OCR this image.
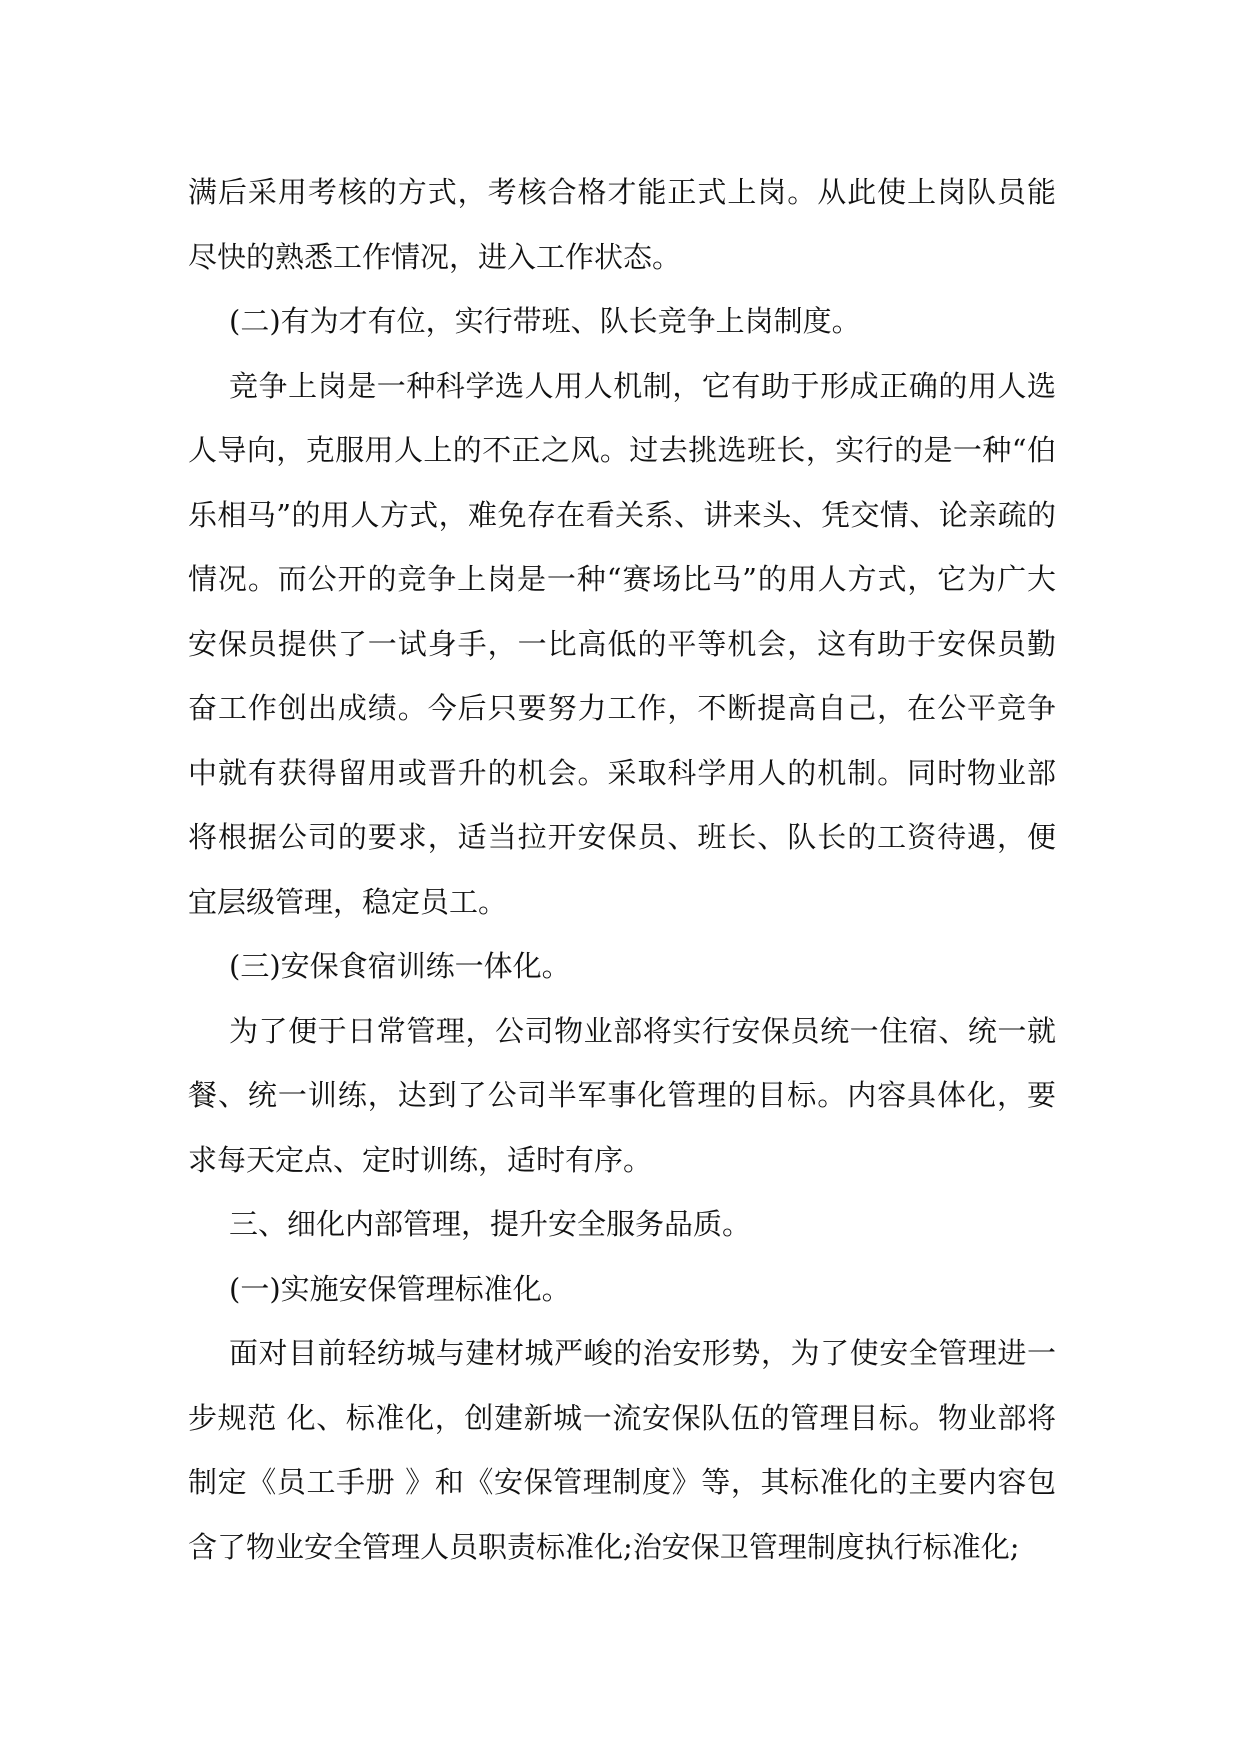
满后采用考核的方式，考核合格才能正式上岗。从此使上岗队员能尽快的熟悉工作情况，进入工作状态。

(二)有为才有位，实行带班、队长竞争上岗制度。

竞争上岗是一种科学选人用人机制，它有助于形成正确的用人选人导向，克服用人上的不正之风。过去挑选班长，实行的是一种“伯乐相马”的用人方式，难免存在看关系、讲来头、凭交情、论亲疏的情况。而公开的竞争上岗是一种“赛场比马”的用人方式，它为广大安保员提供了一试身手，一比高低的平等机会，这有助于安保员勤奋工作创出成绩。今后只要努力工作，不断提高自己，在公平竞争中就有获得留用或晋升的机会。采取科学用人的机制。同时物业部将根据公司的要求，适当拉开安保员、班长、队长的工资待遇，便宜层级管理，稳定员工。

(三)安保食宿训练一体化。

为了便于日常管理，公司物业部将实行安保员统一住宿、统一就餐、统一训练，达到了公司半军事化管理的目标。内容具体化，要求每天定点、定时训练，适时有序。

三、细化内部管理，提升安全服务品质。

(一)实施安保管理标准化。

面对目前轻纺城与建材城严峻的治安形势，为了使安全管理进一步规范 化、标准化，创建新城一流安保队伍的管理目标。物业部将制定《员工手册 》和《安保管理制度》等，其标准化的主要内容包含了物业安全管理人员职责标准化;治安保卫管理制度执行标准化;
